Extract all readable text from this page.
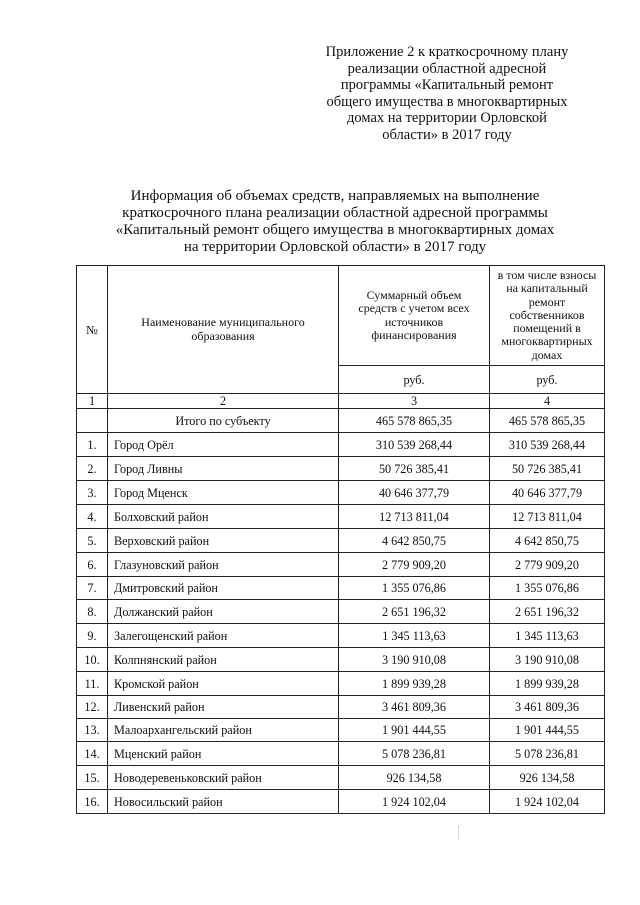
Приложение 2 к краткосрочному плану
реализации областной адресной
программы «Капитальный ремонт
общего имущества в многоквартирных
домах на территории Орловской
области» в 2017 году
Информация об объемах средств, направляемых на выполнение
краткосрочного плана реализации областной адресной программы
«Капитальный ремонт общего имущества в многоквартирных домах
на территории Орловской области» в 2017 году
№	Наименование муниципального образования	Суммарный объем средств с учетом всех источников финансирования	в том числе взносы на капитальный ремонт собственников помещений в многоквартирных домах

		руб.	руб.
1	2	3	4
	Итого по субъекту	465 578 865,35	465 578 865,35
1.	Город Орёл	310 539 268,44	310 539 268,44
2.	Город Ливны	50 726 385,41	50 726 385,41
3.	Город Мценск	40 646 377,79	40 646 377,79
4.	Болховский район	12 713 811,04	12 713 811,04
5.	Верховский район	4 642 850,75	4 642 850,75
6.	Глазуновский район	2 779 909,20	2 779 909,20
7.	Дмитровский район	1 355 076,86	1 355 076,86
8.	Должанский район	2 651 196,32	2 651 196,32
9.	Залегощенский район	1 345 113,63	1 345 113,63
10.	Колпнянский район	3 190 910,08	3 190 910,08
11.	Кромской район	1 899 939,28	1 899 939,28
12.	Ливенский район	3 461 809,36	3 461 809,36
13.	Малоархангельский район	1 901 444,55	1 901 444,55
14.	Мценский район	5 078 236,81	5 078 236,81
15.	Новодеревеньковский район	926 134,58	926 134,58
16.	Новосильский район	1 924 102,04	1 924 102,04
